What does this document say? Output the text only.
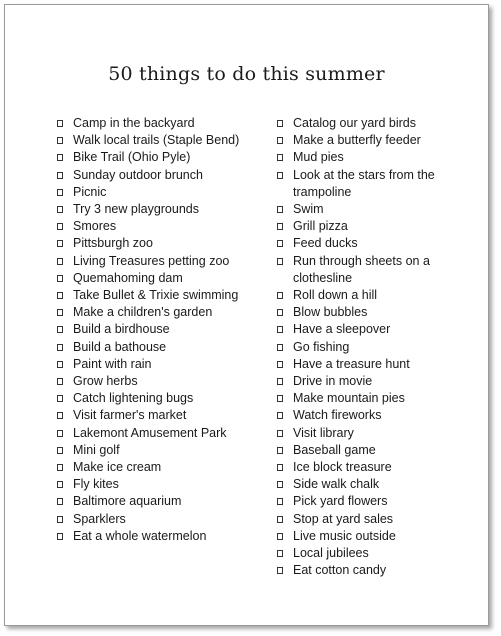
50 things to do this summer
Camp in the backyard
Walk local trails (Staple Bend)
Bike Trail (Ohio Pyle)
Sunday outdoor brunch
Picnic
Try 3 new playgrounds
Smores
Pittsburgh zoo
Living Treasures petting zoo
Quemahoming dam
Take Bullet & Trixie swimming
Make a children's garden
Build a birdhouse
Build a bathouse
Paint with rain
Grow herbs
Catch lightening bugs
Visit farmer's market
Lakemont Amusement Park
Mini golf
Make ice cream
Fly kites
Baltimore aquarium
Sparklers
Eat a whole watermelon
Catalog our yard birds
Make a butterfly feeder
Mud pies
Look at the stars from the trampoline
Swim
Grill pizza
Feed ducks
Run through sheets on a clothesline
Roll down a hill
Blow bubbles
Have a sleepover
Go fishing
Have a treasure hunt
Drive in movie
Make mountain pies
Watch fireworks
Visit library
Baseball game
Ice block treasure
Side walk chalk
Pick yard flowers
Stop at yard sales
Live music outside
Local jubilees
Eat cotton candy
